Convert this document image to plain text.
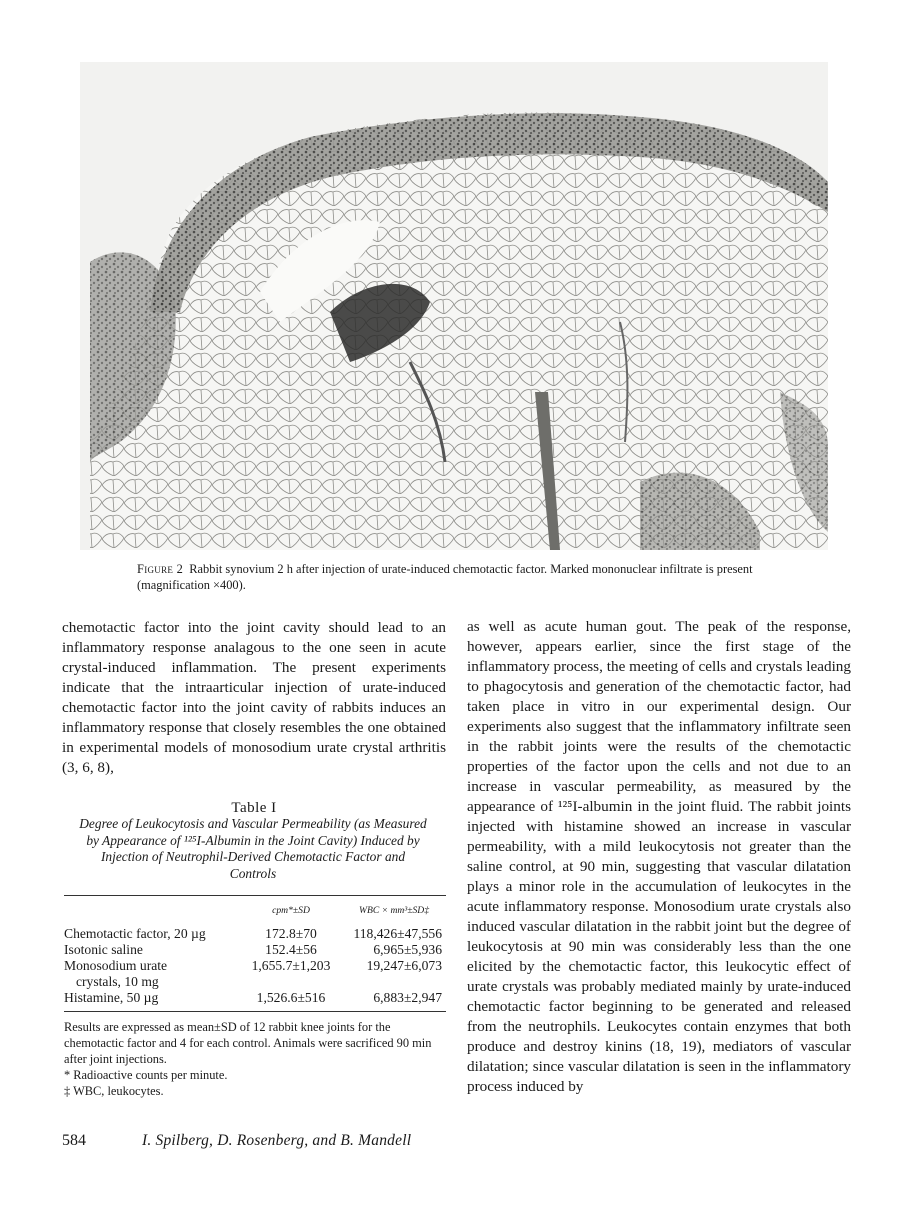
Figure 2 Rabbit synovium 2 h after injection of urate-induced chemotactic factor. Marked mononuclear infiltrate is present (magnification ×400).

chemotactic factor into the joint cavity should lead to an inflammatory response analagous to the one seen in acute crystal-induced inflammation. The present experiments indicate that the intraarticular injection of urate-induced chemotactic factor into the joint cavity of rabbits induces an inflammatory response that closely resembles the one obtained in experimental models of monosodium urate crystal arthritis (3, 6, 8),

Table I
Degree of Leukocytosis and Vascular Permeability (as Measured by Appearance of ¹²⁵I-Albumin in the Joint Cavity) Induced by Injection of Neutrophil-Derived Chemotactic Factor and Controls
	cpm*±SD	WBC × mm³±SD‡
Chemotactic factor, 20 µg	172.8±70	118,426±47,556
Isotonic saline	152.4±56	6,965±5,936
Monosodium urate
crystals, 10 mg	1,655.7±1,203	19,247±6,073
Histamine, 50 µg	1,526.6±516	6,883±2,947

Results are expressed as mean±SD of 12 rabbit knee joints for the chemotactic factor and 4 for each control. Animals were sacrificed 90 min after joint injections.

* Radioactive counts per minute.

‡ WBC, leukocytes.

as well as acute human gout. The peak of the response, however, appears earlier, since the first stage of the inflammatory process, the meeting of cells and crystals leading to phagocytosis and generation of the chemotactic factor, had taken place in vitro in our experimental design. Our experiments also suggest that the inflammatory infiltrate seen in the rabbit joints were the results of the chemotactic properties of the factor upon the cells and not due to an increase in vascular permeability, as measured by the appearance of ¹²⁵I-albumin in the joint fluid. The rabbit joints injected with histamine showed an increase in vascular permeability, with a mild leukocytosis not greater than the saline control, at 90 min, suggesting that vascular dilatation plays a minor role in the accumulation of leukocytes in the acute inflammatory response. Monosodium urate crystals also induced vascular dilatation in the rabbit joint but the degree of leukocytosis at 90 min was considerably less than the one elicited by the chemotactic factor, this leukocytic effect of urate crystals was probably mediated mainly by urate-induced chemotactic factor beginning to be generated and released from the neutrophils. Leukocytes contain enzymes that both produce and destroy kinins (18, 19), mediators of vascular dilatation; since vascular dilatation is seen in the inflammatory process induced by

584	I. Spilberg, D. Rosenberg, and B. Mandell
